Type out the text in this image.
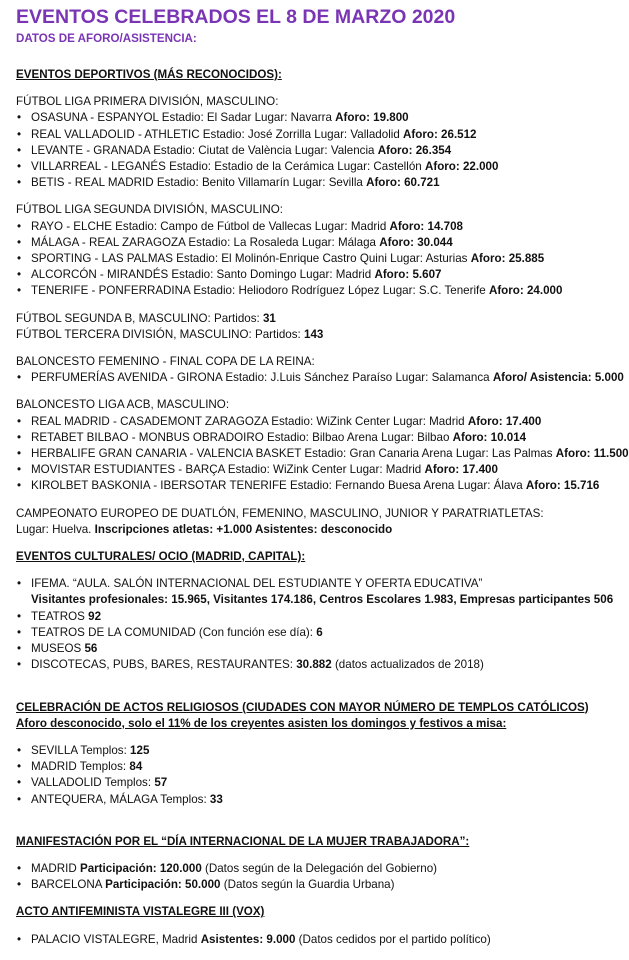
EVENTOS CELEBRADOS EL 8 DE MARZO 2020
DATOS DE AFORO/ASISTENCIA:
EVENTOS DEPORTIVOS (MÁS RECONOCIDOS):
FÚTBOL LIGA PRIMERA DIVISIÓN, MASCULINO:
• OSASUNA - ESPANYOL Estadio: El Sadar Lugar: Navarra Aforo: 19.800
• REAL VALLADOLID - ATHLETIC Estadio: José Zorrilla Lugar: Valladolid Aforo: 26.512
• LEVANTE - GRANADA Estadio: Ciutat de València Lugar: Valencia Aforo: 26.354
• VILLARREAL - LEGANÉS Estadio: Estadio de la Cerámica Lugar: Castellón Aforo: 22.000
• BETIS - REAL MADRID Estadio: Benito Villamarín Lugar: Sevilla Aforo: 60.721
FÚTBOL LIGA SEGUNDA DIVISIÓN, MASCULINO:
• RAYO - ELCHE Estadio: Campo de Fútbol de Vallecas Lugar: Madrid Aforo: 14.708
• MÁLAGA - REAL ZARAGOZA Estadio: La Rosaleda Lugar: Málaga Aforo: 30.044
• SPORTING - LAS PALMAS Estadio: El Molinón-Enrique Castro Quini Lugar: Asturias Aforo: 25.885
• ALCORCÓN - MIRANDÉS Estadio: Santo Domingo Lugar: Madrid Aforo: 5.607
• TENERIFE - PONFERRADINA Estadio: Heliodoro Rodríguez López Lugar: S.C. Tenerife Aforo: 24.000
FÚTBOL SEGUNDA B, MASCULINO: Partidos: 31
FÚTBOL TERCERA DIVISIÓN, MASCULINO: Partidos: 143
BALONCESTO FEMENINO - FINAL COPA DE LA REINA:
• PERFUMERÍAS AVENIDA - GIRONA Estadio: J.Luis Sánchez Paraíso Lugar: Salamanca Aforo/ Asistencia: 5.000
BALONCESTO LIGA ACB, MASCULINO:
• REAL MADRID - CASADEMONT ZARAGOZA Estadio: WiZink Center Lugar: Madrid Aforo: 17.400
• RETABET BILBAO - MONBUS OBRADOIRO Estadio: Bilbao Arena Lugar: Bilbao Aforo: 10.014
• HERBALIFE GRAN CANARIA - VALENCIA BASKET Estadio: Gran Canaria Arena Lugar: Las Palmas Aforo: 11.500
• MOVISTAR ESTUDIANTES - BARÇA Estadio: WiZink Center Lugar: Madrid Aforo: 17.400
• KIROLBET BASKONIA - IBERSOTAR TENERIFE Estadio: Fernando Buesa Arena Lugar: Álava Aforo: 15.716
CAMPEONATO EUROPEO DE DUATLÓN, FEMENINO, MASCULINO, JUNIOR Y PARATRIATLETAS:
Lugar: Huelva. Inscripciones atletas: +1.000 Asistentes: desconocido
EVENTOS CULTURALES/ OCIO (MADRID, CAPITAL):
• IFEMA. “AULA. SALÓN INTERNACIONAL DEL ESTUDIANTE Y OFERTA EDUCATIVA”
Visitantes profesionales: 15.965, Visitantes 174.186, Centros Escolares 1.983, Empresas participantes 506
• TEATROS 92
• TEATROS DE LA COMUNIDAD (Con función ese día): 6
• MUSEOS 56
• DISCOTECAS, PUBS, BARES, RESTAURANTES: 30.882 (datos actualizados de 2018)
CELEBRACIÓN DE ACTOS RELIGIOSOS (CIUDADES CON MAYOR NÚMERO DE TEMPLOS CATÓLICOS)
Aforo desconocido, solo el 11% de los creyentes asisten los domingos y festivos a misa:
• SEVILLA Templos: 125
• MADRID Templos: 84
• VALLADOLID Templos: 57
• ANTEQUERA, MÁLAGA Templos: 33
MANIFESTACIÓN POR EL “DÍA INTERNACIONAL DE LA MUJER TRABAJADORA”:
• MADRID Participación: 120.000 (Datos según de la Delegación del Gobierno)
• BARCELONA Participación: 50.000 (Datos según la Guardia Urbana)
ACTO ANTIFEMINISTA VISTALEGRE III (VOX)
• PALACIO VISTALEGRE, Madrid Asistentes: 9.000 (Datos cedidos por el partido político)
